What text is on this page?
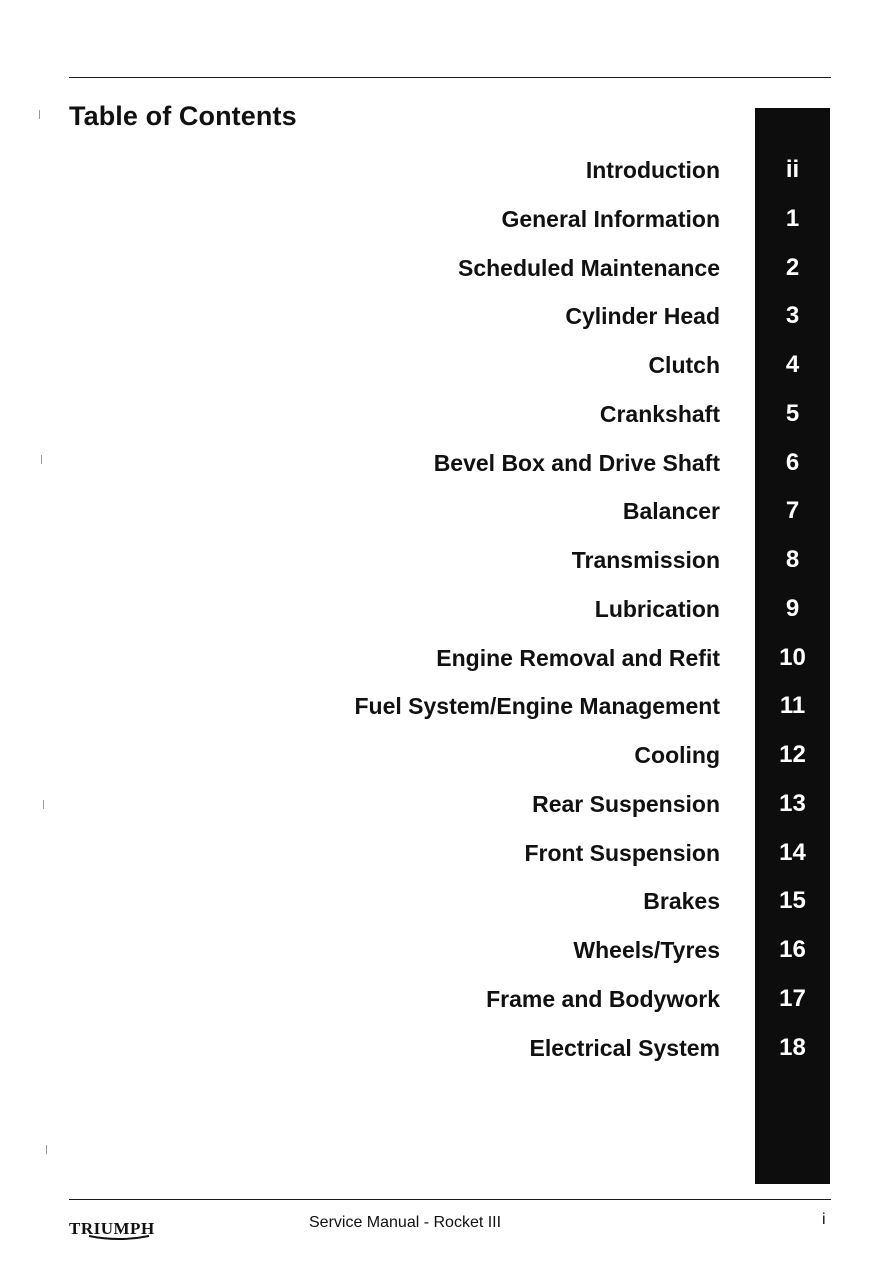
Table of Contents
Introduction	ii
General Information	1
Scheduled Maintenance	2
Cylinder Head	3
Clutch	4
Crankshaft	5
Bevel Box and Drive Shaft	6
Balancer	7
Transmission	8
Lubrication	9
Engine Removal and Refit	10
Fuel System/Engine Management	11
Cooling	12
Rear Suspension	13
Front Suspension	14
Brakes	15
Wheels/Tyres	16
Frame and Bodywork	17
Electrical System	18
TRIUMPH	Service Manual - Rocket III	i
